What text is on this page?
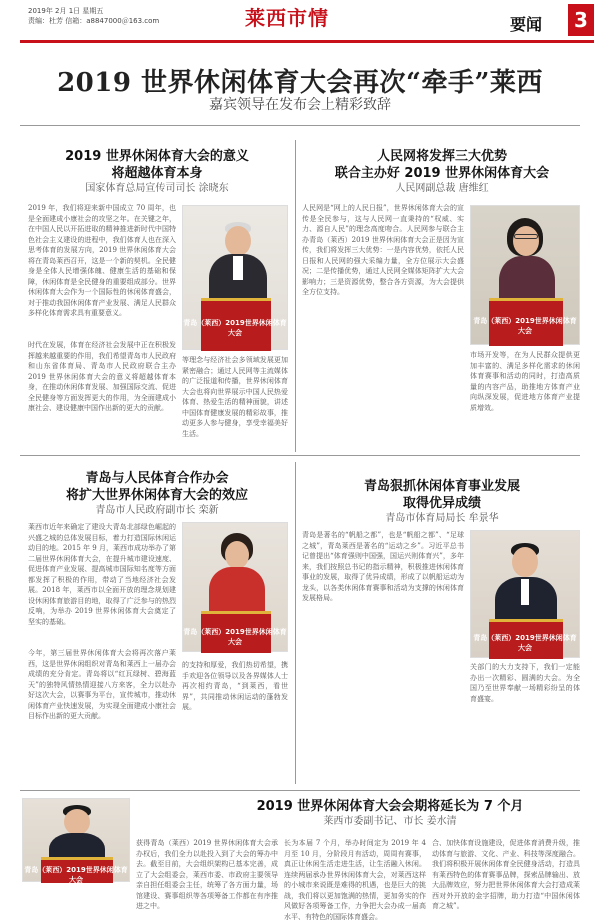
2019年 2月 1日 星期五
责编：杜芳 信箱：a8847000＠163.com	莱西市情	要闻	3
2019 世界休闲体育大会再次“牵手”莱西
嘉宾领导在发布会上精彩致辞
2019 世界休闲体育大会的意义
将超越体育本身
国家体育总局宣传司司长 涂晓东
2019 年，我们将迎来新中国成立 70 周年，也是全面建成小康社会的攻坚之年。在关键之年，在中国人民以开拓进取的精神推进新时代中国特色社会主义建设的进程中，我们体育人也在深入思考体育的发展方向，2019 世界休闲体育大会将在青岛莱西召开，这是一个新的契机。全民健身是全体人民增强体魄、健康生活的基础和保障，休闲体育是全民健身的重要组成部分。世界休闲体育大会作为一个国际性的休闲体育盛会，对于推动我国休闲体育产业发展、满足人民群众多样化体育需求具有重要意义。
青岛（莱西）2019世界休闲体育大会
时代在发展，体育在经济社会发展中正在积极发挥越来越重要的作用，我们希望青岛市人民政府和山东省体育局、青岛市人民政府联合主办 2019 世界休闲体育大会的意义将超越体育本身，在推动休闲体育发展、加强国际交流、促进全民健身等方面发挥更大的作用，为全面建成小康社会、建设健康中国作出新的更大的贡献。
等理念与经济社会多领域发展更加紧密融合；通过人民网等主流媒体的广泛报道和传播，世界休闲体育大会也将向世界展示中国人民热爱体育、热爱生活的精神面貌，讲述中国体育健康发展的精彩故事，推动更多人参与健身，享受幸福美好生活。
人民网将发挥三大优势
联合主办好 2019 世界休闲体育大会
人民网副总裁 唐维红
人民网是“网上的人民日报”，世界休闲体育大会的宣传是全民参与，这与人民网一直秉持的“权威、实力、源自人民”的理念高度吻合。人民网参与联合主办青岛（莱西）2019 世界休闲体育大会正是因为宣传，我们将发挥三大优势：一是内容优势，依托人民日报和人民网的强大采编力量，全方位展示大会盛况；二是传播优势，通过人民网全媒体矩阵扩大大会影响力；三是资源优势，整合各方资源，为大会提供全方位支持。
青岛（莱西）2019世界休闲体育大会
市场开发等，在为人民群众提供更加丰富的、满足多样化需求的休闲体育赛事和活动的同时，打造高质量的内容产品，助推地方体育产业向纵深发展，促进地方体育产业提质增效。
青岛与人民体育合作办会
将扩大世界休闲体育大会的效应
青岛市人民政府副市长 栾新
莱西市近年来确定了建设大青岛北部绿色崛起的兴盛之城的总体发展目标，着力打造国际休闲运动目的地。2015 年 9 月，莱西市成功举办了第二届世界休闲体育大会，在提升城市建设速度、促进体育产业发展、提高城市国际知名度等方面都发挥了积极的作用，带动了当地经济社会发展。2018 年，莱西市以全面开放的理念规划建设休闲体育旅游目的地，取得了广泛参与的热烈反响，为举办 2019 世界休闲体育大会奠定了坚实的基础。
青岛（莱西）2019世界休闲体育大会
今年，第三届世界休闲体育大会将再次落户莱西，这是世界休闲组织对青岛和莱西上一届办会成绩的充分肯定。青岛将以“红瓦绿树、碧海蓝天”的独特风情热情迎接八方来客，全力以赴办好这次大会，以赛事为平台，宣传城市，推动休闲体育产业快速发展，为实现全面建成小康社会目标作出新的更大贡献。
的支持和厚爱，我们热切希望，携手欢迎各位领导以及各界媒体人士再次相约青岛，“到莱西，看世界”，共同推动休闲运动的蓬勃发展。
青岛狠抓休闲体育事业发展
取得优异成绩
青岛市体育局局长 牟景华
青岛是著名的“帆船之都”，也是“帆船之都”、“足球之城”，青岛莱西是著名的“运动之乡”。习近平总书记曾提出“体育强则中国强，国运兴则体育兴”，多年来，我们按照总书记的指示精神，积极推进休闲体育事业的发展，取得了优异成绩，形成了以帆船运动为龙头，以各类休闲体育赛事和活动为支撑的休闲体育发展格局。
青岛（莱西）2019世界休闲体育大会
关部门的大力支持下，我们一定能办出一次精彩、圆满的大会。为全国乃至世界奉献一场精彩纷呈的体育盛宴。
2019 世界休闲体育大会会期将延长为 7 个月
莱西市委副书记、市长 姜水清
青岛（莱西）2019世界休闲体育大会
获得青岛（莱西）2019 世界休闲体育大会承办权后，我们全力以赴投入到了大会的筹办中去。截至目前，大会组织架构已基本完善，成立了大会组委会，莱西市委、市政府主要领导亲自担任组委会主任，统筹了各方面力量，场馆建设、赛事组织等各项筹备工作都在有序推进之中。
长为本届 7 个月，举办时间定为 2019 年 4 月至 10 月，分阶段月有活动，周周有赛事，真正让休闲生活走进生活，让生活融入休闲。连续两届承办世界休闲体育大会，对莱西这样的小城市来说既是难得的机遇，也是巨大的挑战，我们将以更加饱满的热情，更加务实的作风做好各项筹备工作，力争把大会办成一届高水平、有特色的国际体育盛会。
合、加快体育设施建设，促进体育消费升级，推动体育与旅游、文化、产业、科技等深度融合。我们将积极开展休闲体育全民健身活动，打造具有莱西特色的体育赛事品牌，探索品牌输出、放大品牌效应，努力把世界休闲体育大会打造成莱西对外开放的金字招牌，助力打造“中国休闲体育之城”。
